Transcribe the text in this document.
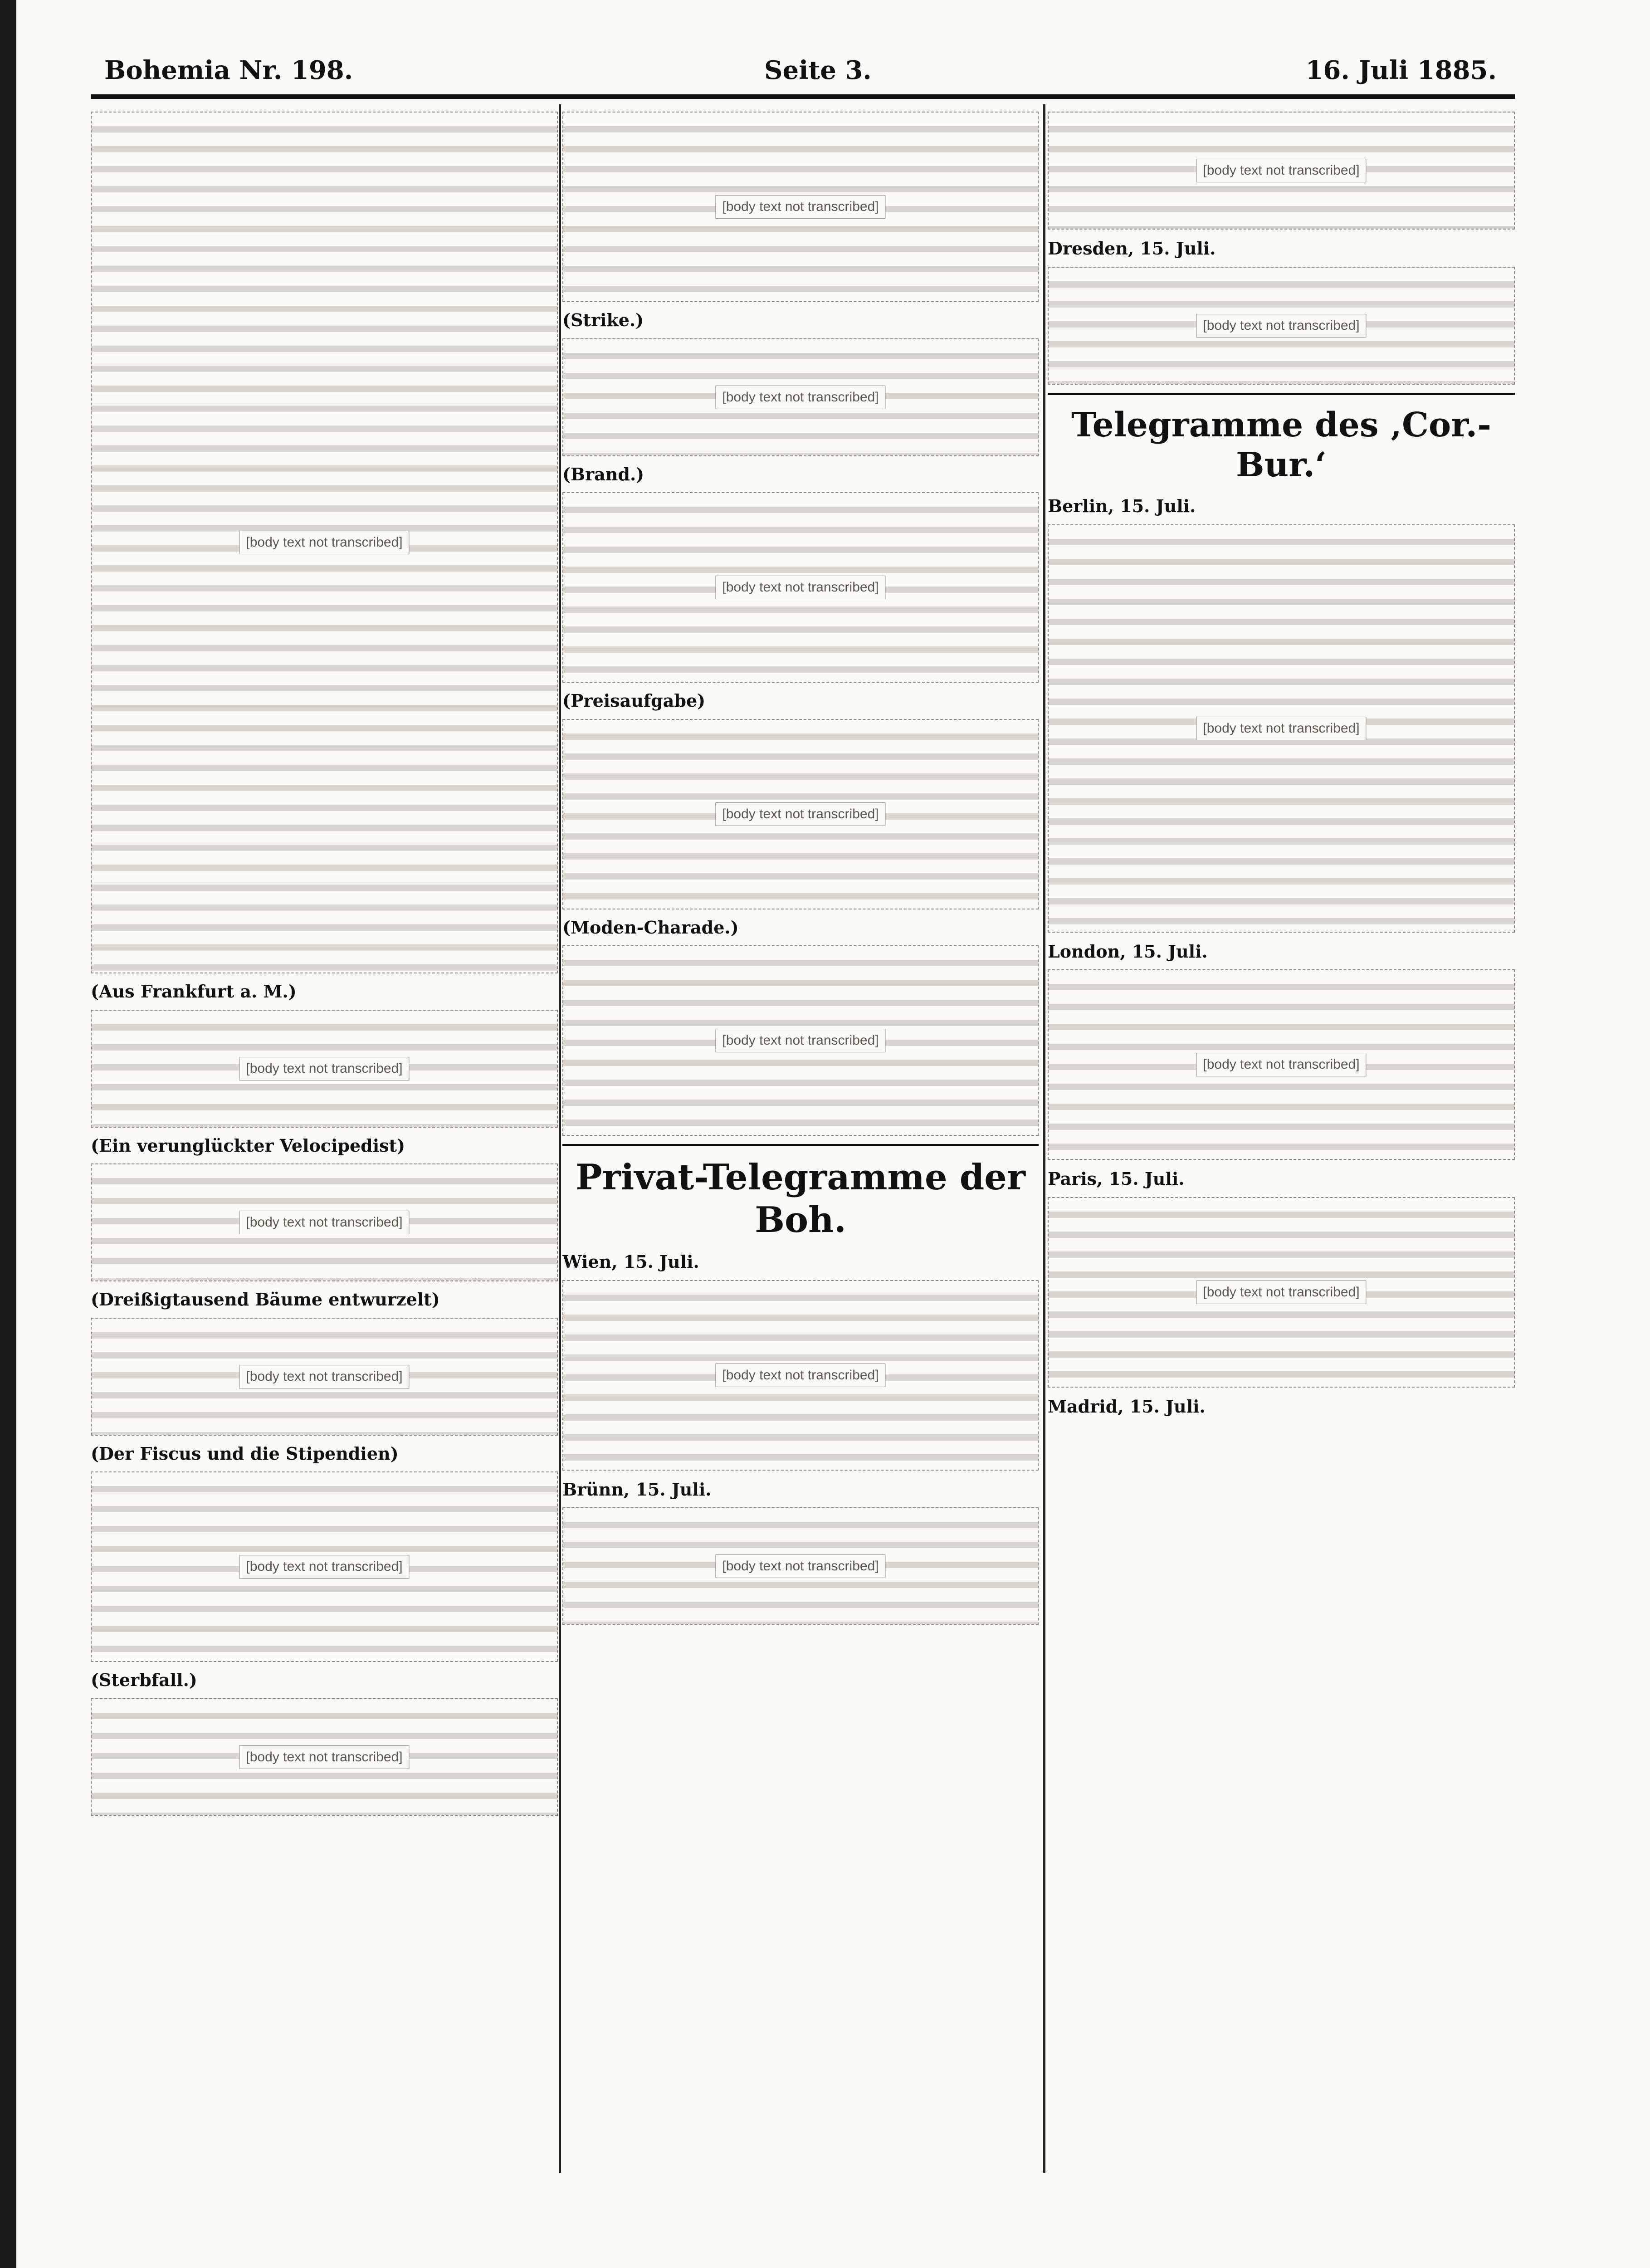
Bohemia Nr. 198.	Seite 3.	16. Juli 1885.
[body text not transcribed]
(Aus Frankfurt a. M.)
[body text not transcribed]
(Ein verunglückter Velocipedist)
[body text not transcribed]
(Dreißigtausend Bäume entwurzelt)
[body text not transcribed]
(Der Fiscus und die Stipendien)
[body text not transcribed]
(Sterbfall.)
[body text not transcribed]
[body text not transcribed]
(Strike.)
[body text not transcribed]
(Brand.)
[body text not transcribed]
(Preisaufgabe)
[body text not transcribed]
(Moden-Charade.)
[body text not transcribed]
Privat-Telegramme der Boh.
Wien, 15. Juli.
[body text not transcribed]
Brünn, 15. Juli.
[body text not transcribed]
[body text not transcribed]
Dresden, 15. Juli.
[body text not transcribed]
Telegramme des ‚Cor.-Bur.‘
Berlin, 15. Juli.
[body text not transcribed]
London, 15. Juli.
[body text not transcribed]
Paris, 15. Juli.
[body text not transcribed]
Madrid, 15. Juli.
